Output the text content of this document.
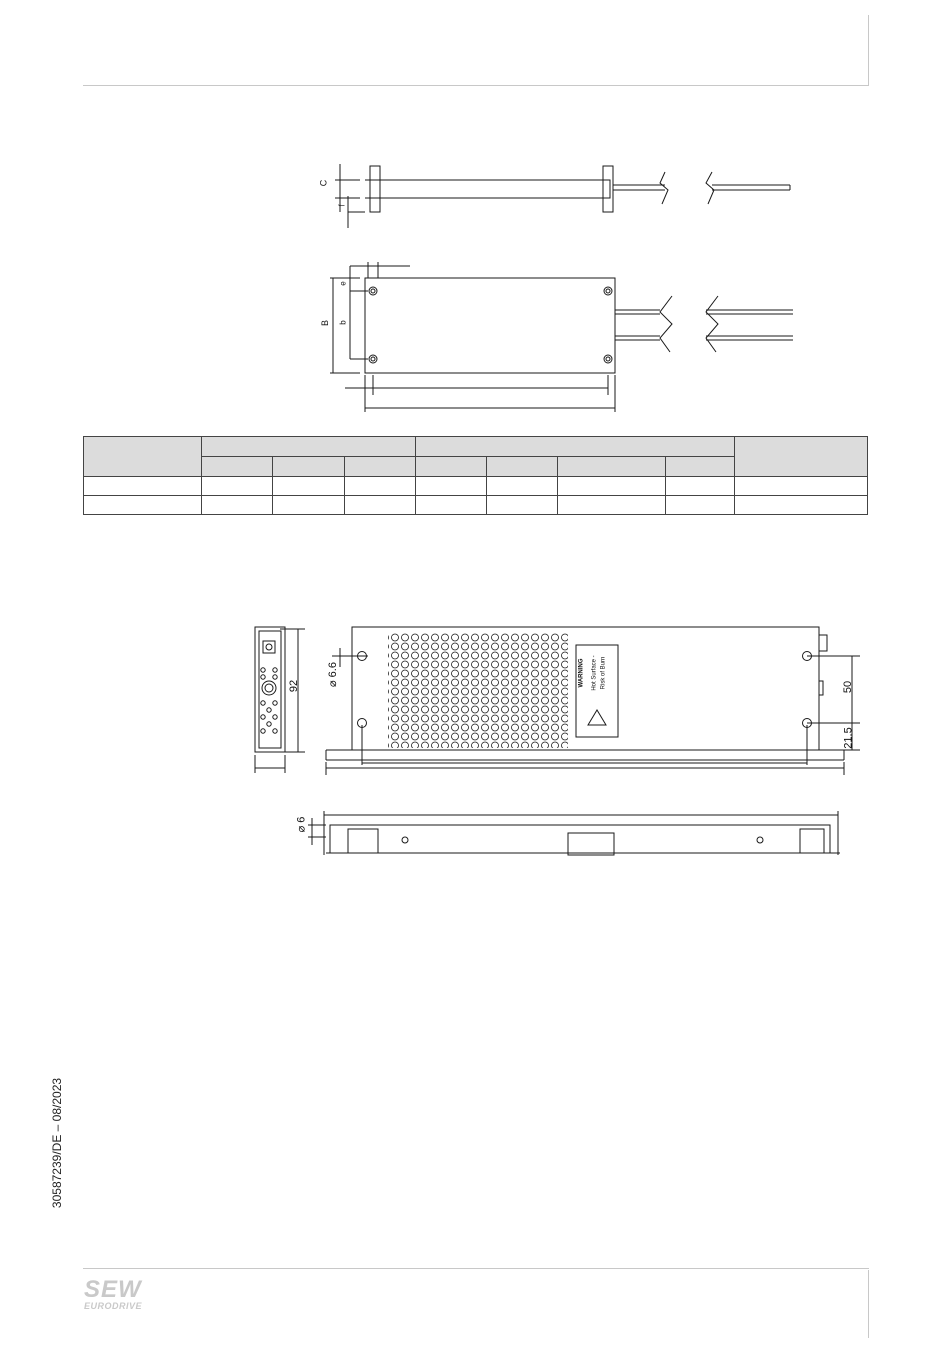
C
f
e
b
B

WARNING Hot Surface - Risk of Burn
92 ⌀ 6.6
50
21.5
⌀ 6
30587239/DE – 08/2023
SEW
EURODRIVE
